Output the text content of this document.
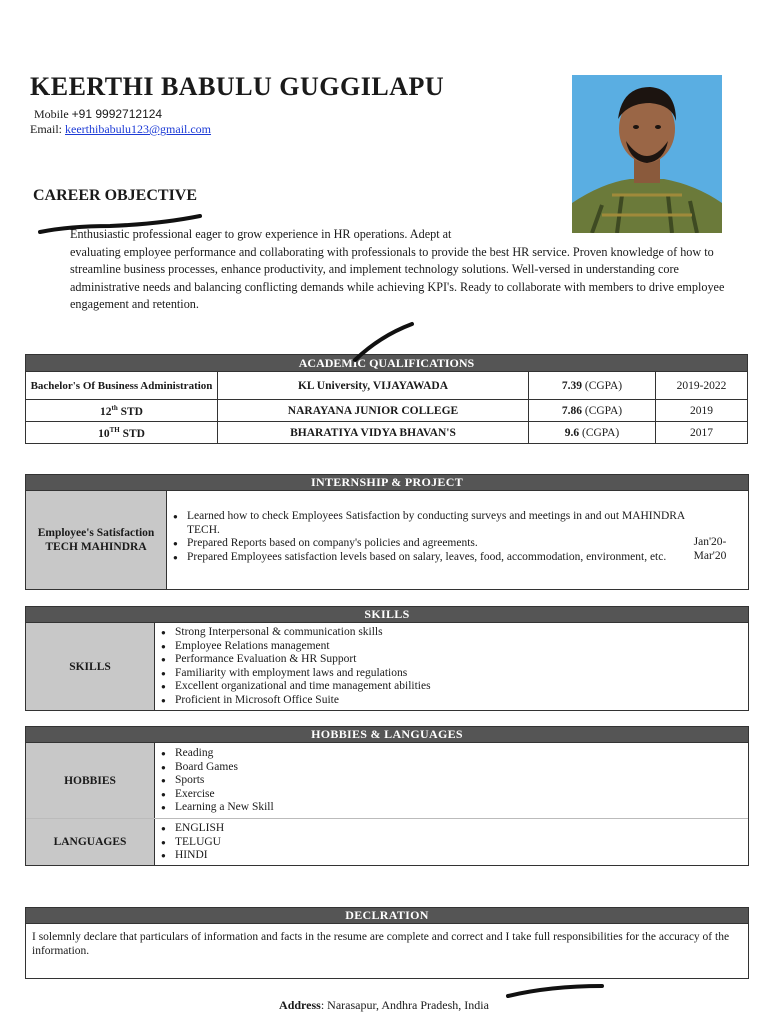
KEERTHI BABULU GUGGILAPU
Mobile +91 9992712124
Email: keerthibabulu123@gmail.com
CAREER OBJECTIVE
Enthusiastic professional eager to grow experience in HR operations. Adept at
evaluating employee performance and collaborating with professionals to provide the best HR service. Proven knowledge of how to streamline business processes, enhance productivity, and implement technology solutions. Well-versed in understanding core administrative needs and balancing conflicting demands while achieving KPI's. Ready to collaborate with members to drive employee engagement and retention.
ACADEMIC QUALIFICATIONS			
Bachelor's Of Business Administration	KL University, VIJAYAWADA	7.39 (CGPA)	2019-2022
12th STD	NARAYANA JUNIOR COLLEGE	7.86 (CGPA)	2019
10TH STD	BHARATIYA VIDYA BHAVAN'S	9.6 (CGPA)	2017
INTERNSHIP & PROJECT
Employee's Satisfaction TECH MAHINDRA
● Learned how to check Employees Satisfaction by conducting surveys and meetings in and out MAHINDRA TECH.
● Prepared Reports based on company's policies and agreements.
● Prepared Employees satisfaction levels based on salary, leaves, food, accommodation, environment, etc.
Jan'20-Mar'20
SKILLS
SKILLS
● Strong Interpersonal & communication skills
● Employee Relations management
● Performance Evaluation & HR Support
● Familiarity with employment laws and regulations
● Excellent organizational and time management abilities
● Proficient in Microsoft Office Suite
HOBBIES & LANGUAGES
HOBBIES
● Reading
● Board Games
● Sports
● Exercise
● Learning a New Skill
LANGUAGES
● ENGLISH
● TELUGU
● HINDI
DECLRATION
I solemnly declare that particulars of information and facts in the resume are complete and correct and I take full responsibilities for the accuracy of the information.
Address: Narasapur, Andhra Pradesh, India
